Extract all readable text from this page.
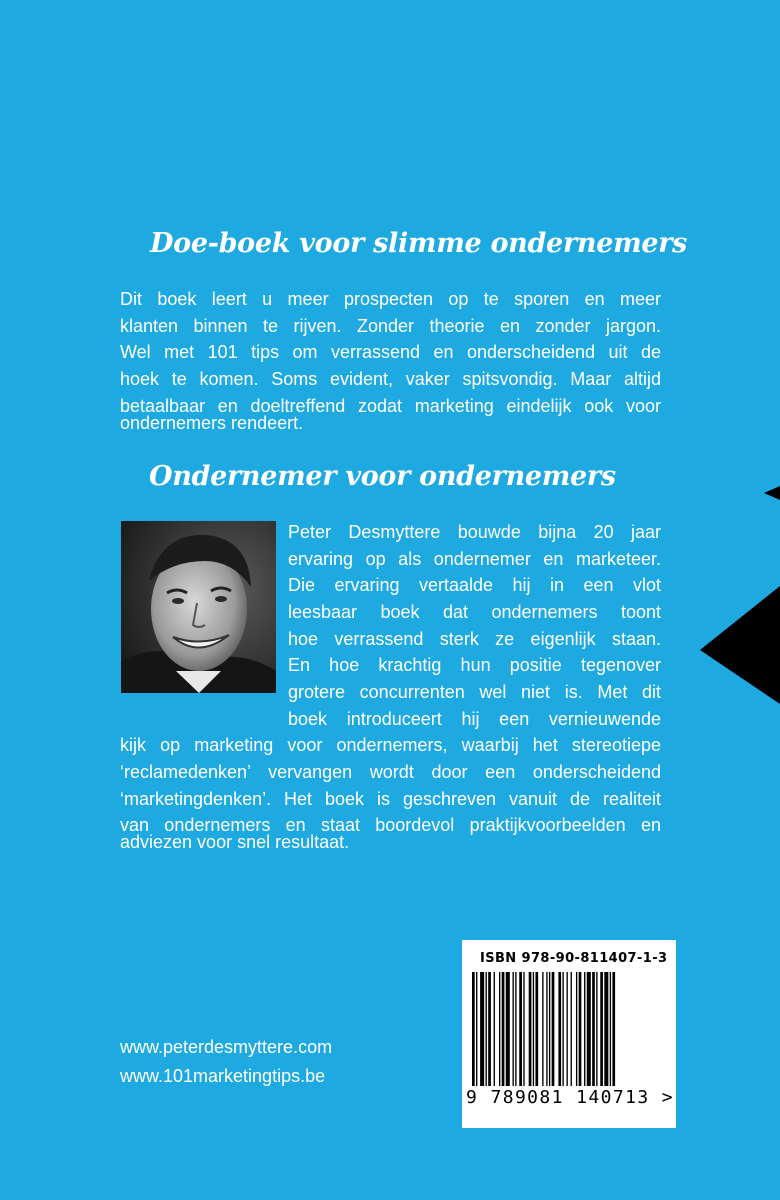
Doe-boek voor slimme ondernemers
Dit boek leert u meer prospecten op te sporen en meer
klanten binnen te rijven. Zonder theorie en zonder jargon.
Wel met 101 tips om verrassend en onderscheidend uit de
hoek te komen. Soms evident, vaker spitsvondig. Maar altijd
betaalbaar en doeltreffend zodat marketing eindelijk ook voor
ondernemers rendeert.
Ondernemer voor ondernemers
Peter Desmyttere bouwde bijna 20 jaar
ervaring op als ondernemer en marketeer.
Die ervaring vertaalde hij in een vlot
leesbaar boek dat ondernemers toont
hoe verrassend sterk ze eigenlijk staan.
En hoe krachtig hun positie tegenover
grotere concurrenten wel niet is. Met dit
boek introduceert hij een vernieuwende
kijk op marketing voor ondernemers, waarbij het stereotiepe
‘reclamedenken’ vervangen wordt door een onderscheidend
‘marketingdenken’. Het boek is geschreven vanuit de realiteit
van ondernemers en staat boordevol praktijkvoorbeelden en
adviezen voor snel resultaat.
ISBN 978-90-811407-1-3
9 789081 140713 >
www.peterdesmyttere.com
www.101marketingtips.be
